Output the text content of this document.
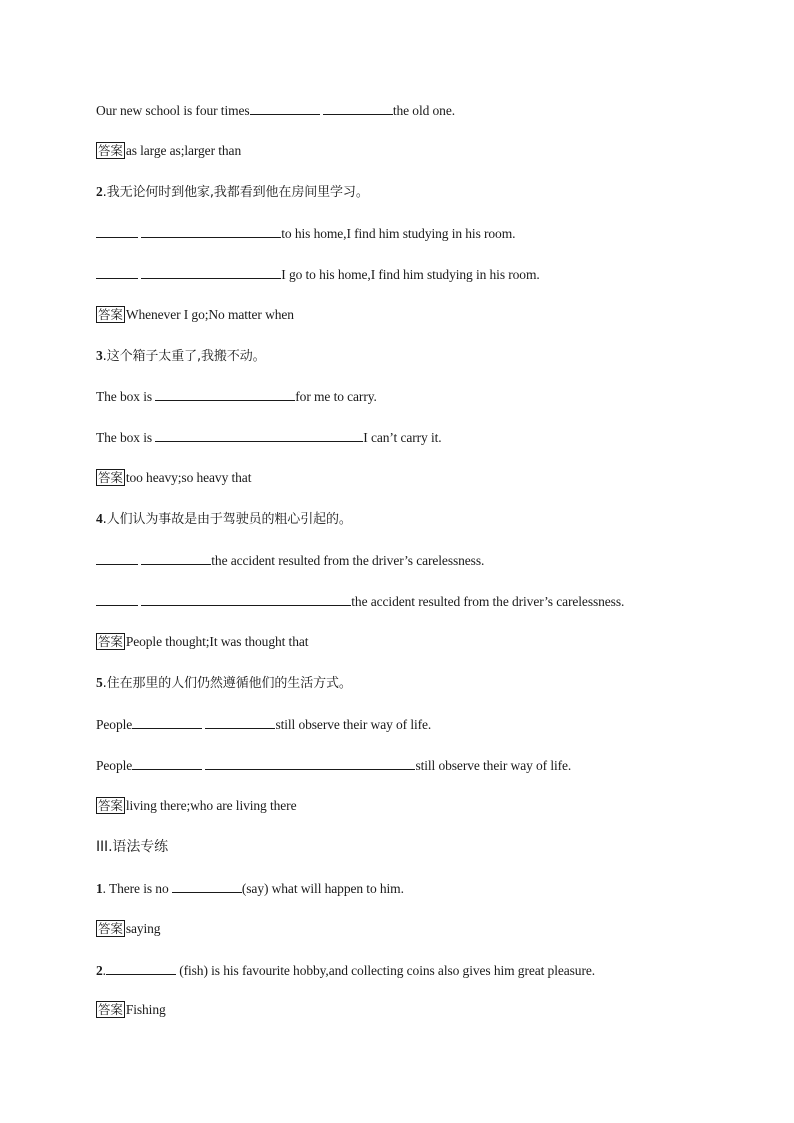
Our new school is four times	the old one.
答案 as large as;larger than
2.我无论何时到他家,我都看到他在房间里学习。
to his home,I find him studying in his room.
I go to his home,I find him studying in his room.
答案 Whenever I go;No matter when
3.这个箱子太重了,我搬不动。
The box is	for me to carry.
The box is	I can’t carry it.
答案 too heavy;so heavy that
4.人们认为事故是由于驾驶员的粗心引起的。
the accident resulted from the driver’s carelessness.
the accident resulted from the driver’s carelessness.
答案 People thought;It was thought that
5.住在那里的人们仍然遵循他们的生活方式。
People	still observe their way of life.
People	still observe their way of life.
答案 living there;who are living there
III.语法专练
1. There is no	(say) what will happen to him.
答案 saying
2.	(fish) is his favourite hobby,and collecting coins also gives him great pleasure.
答案 Fishing
